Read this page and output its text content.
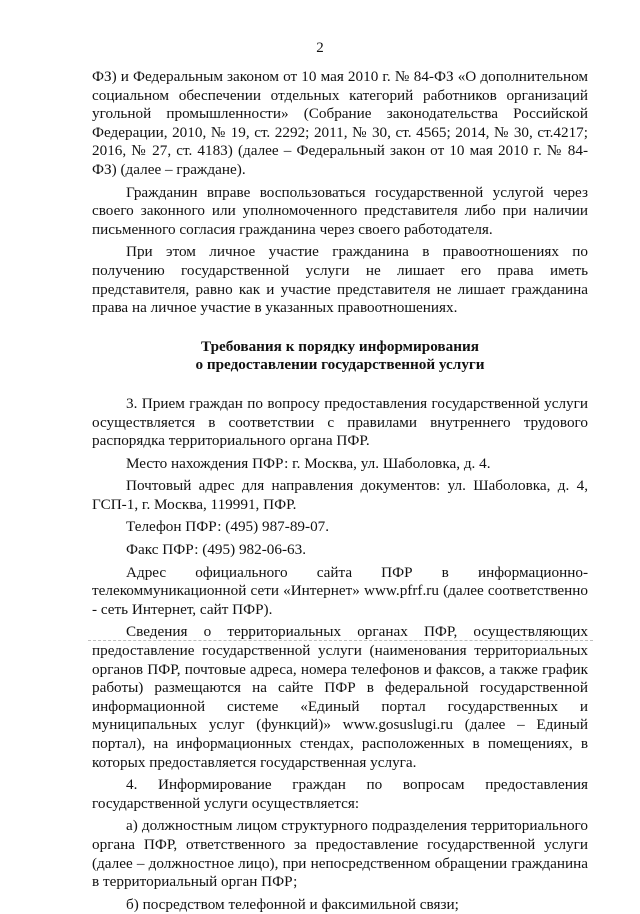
2

ФЗ) и Федеральным законом от 10 мая 2010 г. № 84-ФЗ «О дополнительном социальном обеспечении отдельных категорий работников организаций угольной промышленности» (Собрание законодательства Российской Федерации, 2010, № 19, ст. 2292; 2011, № 30, ст. 4565; 2014, № 30, ст.4217; 2016, № 27, ст. 4183) (далее – Федеральный закон от 10 мая 2010 г. № 84-ФЗ) (далее – граждане).

Гражданин вправе воспользоваться государственной услугой через своего законного или уполномоченного представителя либо при наличии письменного согласия гражданина через своего работодателя.

При этом личное участие гражданина в правоотношениях по получению государственной услуги не лишает его права иметь представителя, равно как и участие представителя не лишает гражданина права на личное участие в указанных правоотношениях.

Требования к порядку информирования

о предоставлении государственной услуги

3. Прием граждан по вопросу предоставления государственной услуги осуществляется в соответствии с правилами внутреннего трудового распорядка территориального органа ПФР.

Место нахождения ПФР: г. Москва, ул. Шаболовка, д. 4.

Почтовый адрес для направления документов: ул. Шаболовка, д. 4, ГСП-1, г. Москва, 119991, ПФР.

Телефон ПФР: (495) 987-89-07.

Факс ПФР: (495) 982-06-63.

Адрес официального сайта ПФР в информационно-телекоммуникационной сети «Интернет» www.pfrf.ru (далее соответственно - сеть Интернет, сайт ПФР).

Сведения о территориальных органах ПФР, осуществляющих предоставление государственной услуги (наименования территориальных органов ПФР, почтовые адреса, номера телефонов и факсов, а также график работы) размещаются на сайте ПФР в федеральной государственной информационной системе «Единый портал государственных и муниципальных услуг (функций)» www.gosuslugi.ru (далее – Единый портал), на информационных стендах, расположенных в помещениях, в которых предоставляется государственная услуга.

4. Информирование граждан по вопросам предоставления государственной услуги осуществляется:

а) должностным лицом структурного подразделения территориального органа ПФР, ответственного за предоставление государственной услуги (далее – должностное лицо), при непосредственном обращении гражданина в территориальный орган ПФР;

б) посредством телефонной и факсимильной связи;
